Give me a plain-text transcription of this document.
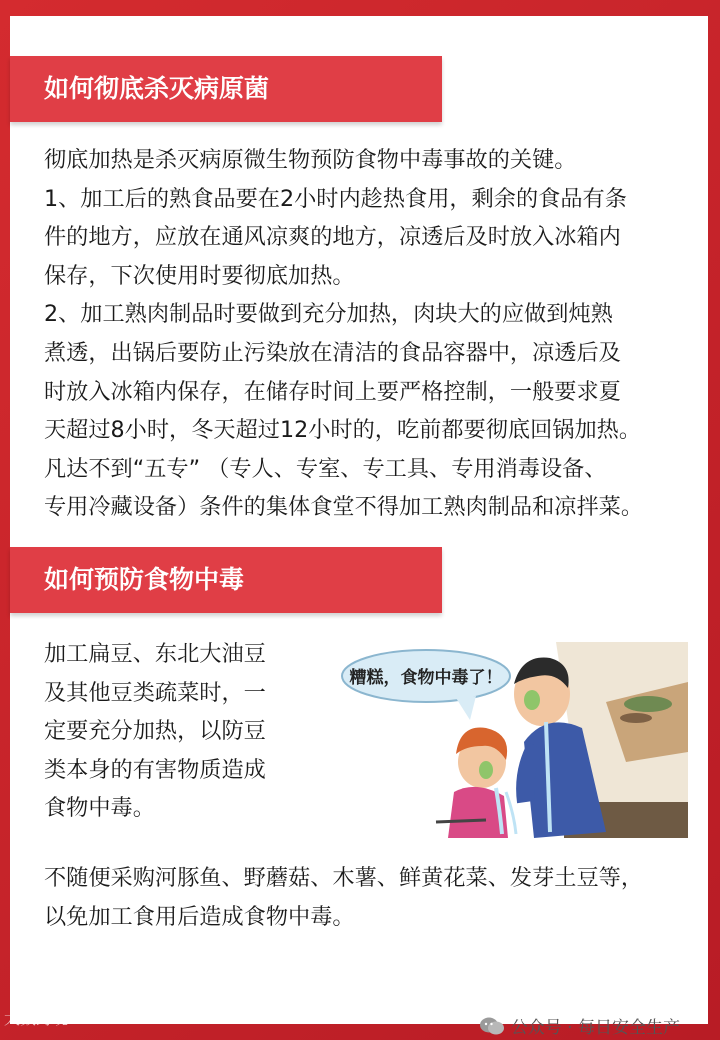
如何彻底杀灭病原菌
彻底加热是杀灭病原微生物预防食物中毒事故的关键。
1、加工后的熟食品要在2小时内趁热食用，剩余的食品有条
件的地方，应放在通风凉爽的地方，凉透后及时放入冰箱内
保存，下次使用时要彻底加热。
2、加工熟肉制品时要做到充分加热，肉块大的应做到炖熟
煮透，出锅后要防止污染放在清洁的食品容器中，凉透后及
时放入冰箱内保存，在储存时间上要严格控制，一般要求夏
天超过8小时，冬天超过12小时的，吃前都要彻底回锅加热。
凡达不到“五专” （专人、专室、专工具、专用消毒设备、
专用冷藏设备）条件的集体食堂不得加工熟肉制品和凉拌菜。
如何预防食物中毒
加工扁豆、东北大油豆
及其他豆类疏菜时，一
定要充分加热，以防豆
类本身的有害物质造成
食物中毒。
糟糕，食物中毒了！
不随便采购河豚鱼、野蘑菇、木薯、鲜黄花菜、发芽土豆等，
以免加工食用后造成食物中毒。
公众号 · 每日安全生产
大数跨境
